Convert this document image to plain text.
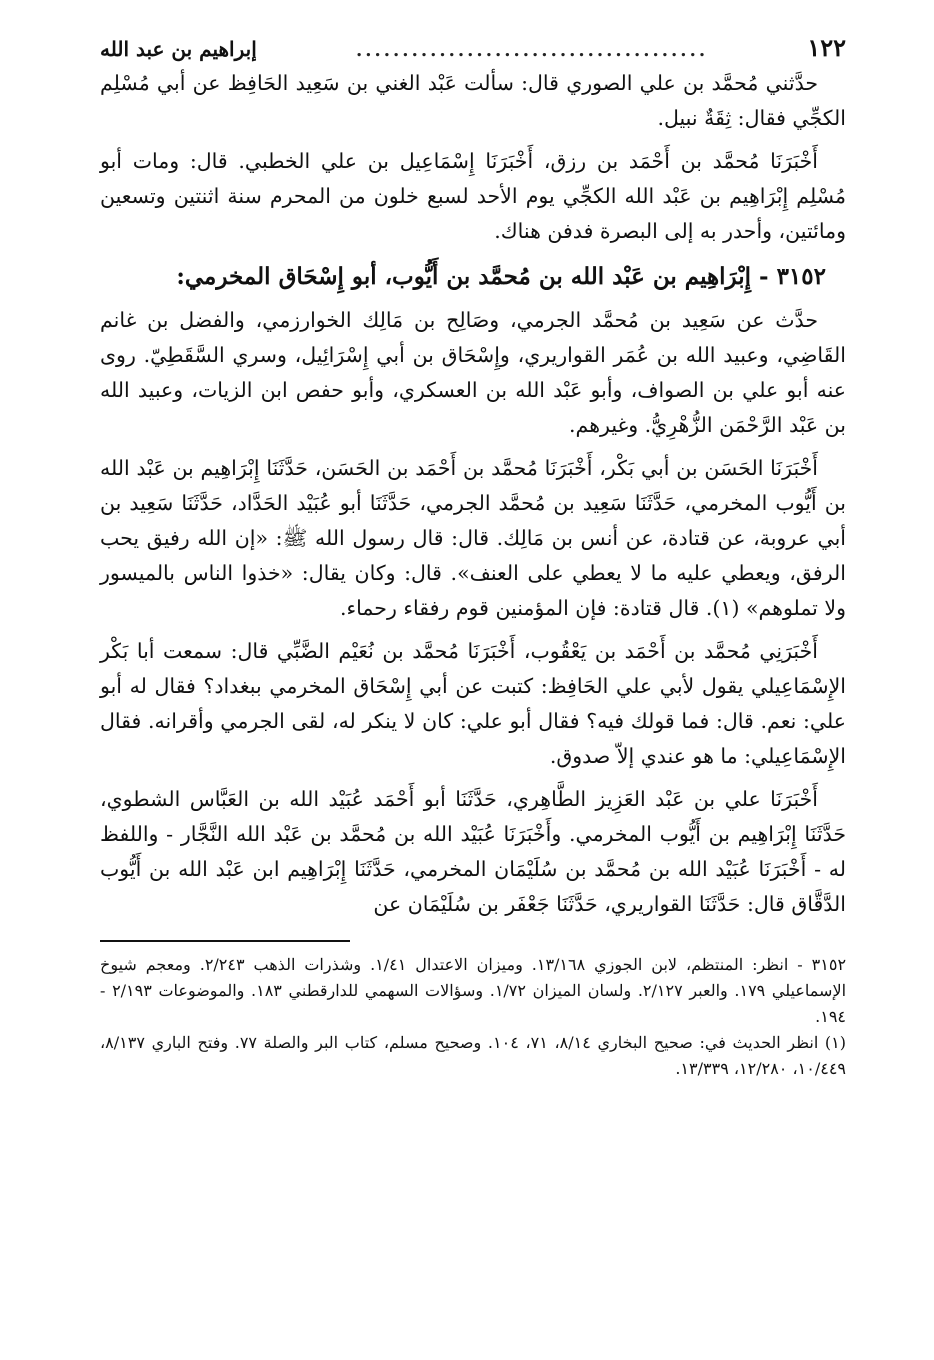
١٢٢
......................................
إبراهيم بن عبد الله

حدَّثني مُحمَّد بن علي الصوري قال: سألت عَبْد الغني بن سَعِيد الحَافِظ عن أبي مُسْلِم الكجِّي فقال: ثِقَةٌ نبيل.

أَخْبَرَنَا مُحمَّد بن أَحْمَد بن رزق، أَخْبَرَنَا إِسْمَاعِيل بن علي الخطبي. قال: ومات أبو مُسْلِم إِبْرَاهِيم بن عَبْد الله الكجِّي يوم الأحد لسبع خلون من المحرم سنة اثنتين وتسعين ومائتين، وأحدر به إلى البصرة فدفن هناك.

٣١٥٢ - إِبْرَاهِيم بن عَبْد الله بن مُحمَّد بن أَيُّوب، أبو إِسْحَاق المخرمي:

حدَّث عن سَعِيد بن مُحمَّد الجرمي، وصَالِح بن مَالِك الخوارزمي، والفضل بن غانم القَاضِي، وعبيد الله بن عُمَر القواريري، وإِسْحَاق بن أبي إِسْرَائِيل، وسري السَّقَطِيّ. روى عنه أبو علي بن الصواف، وأبو عَبْد الله بن العسكري، وأبو حفص ابن الزيات، وعبيد الله بن عَبْد الرَّحْمَن الزُّهْرِيُّ. وغيرهم.

أَخْبَرَنَا الحَسَن بن أبي بَكْر، أَخْبَرَنَا مُحمَّد بن أَحْمَد بن الحَسَن، حَدَّثَنَا إِبْرَاهِيم بن عَبْد الله بن أَيُّوب المخرمي، حَدَّثَنَا سَعِيد بن مُحمَّد الجرمي، حَدَّثَنَا أبو عُبَيْد الحَدَّاد، حَدَّثَنَا سَعِيد بن أبي عروبة، عن قتادة، عن أنس بن مَالِك. قال: قال رسول الله ﷺ: «إن الله رفيق يحب الرفق، ويعطي عليه ما لا يعطي على العنف». قال: وكان يقال: «خذوا الناس بالميسور ولا تملوهم» (١). قال قتادة: فإن المؤمنين قوم رفقاء رحماء.

أَخْبَرَنِي مُحمَّد بن أَحْمَد بن يَعْقُوب، أَخْبَرَنَا مُحمَّد بن نُعَيْم الضَّبِّي قال: سمعت أبا بَكْر الإِسْمَاعِيلي يقول لأبي علي الحَافِظ: كتبت عن أبي إِسْحَاق المخرمي ببغداد؟ فقال له أبو علي: نعم. قال: فما قولك فيه؟ فقال أبو علي: كان لا ينكر له، لقى الجرمي وأقرانه. فقال الإِسْمَاعِيلي: ما هو عندي إلاّ صدوق.

أَخْبَرَنَا علي بن عَبْد العَزِيز الطَّاهِري، حَدَّثَنَا أبو أَحْمَد عُبَيْد الله بن العَبَّاس الشطوي، حَدَّثَنَا إِبْرَاهِيم بن أَيُّوب المخرمي. وأَخْبَرَنَا عُبَيْد الله بن مُحمَّد بن عَبْد الله النَّجَّار - واللفظ له - أَخْبَرَنَا عُبَيْد الله بن مُحمَّد بن سُلَيْمَان المخرمي، حَدَّثَنَا إِبْرَاهِيم ابن عَبْد الله بن أَيُّوب الدَّقَّاق قال: حَدَّثَنَا القواريري، حَدَّثَنَا جَعْفَر بن سُلَيْمَان عن

٣١٥٢ - انظر: المنتظم، لابن الجوزي ١٣/١٦٨. وميزان الاعتدال ١/٤١. وشذرات الذهب ٢/٢٤٣. ومعجم شيوخ الإسماعيلي ١٧٩. والعبر ٢/١٢٧. ولسان الميزان ١/٧٢. وسؤالات السهمي للدارقطني ١٨٣. والموضوعات ٢/١٩٣ - ١٩٤.

(١) انظر الحديث في: صحيح البخاري ٨/١٤، ٧١، ١٠٤. وصحيح مسلم، كتاب البر والصلة ٧٧. وفتح الباري ٨/١٣٧، ١٠/٤٤٩، ١٢/٢٨٠، ١٣/٣٣٩.
